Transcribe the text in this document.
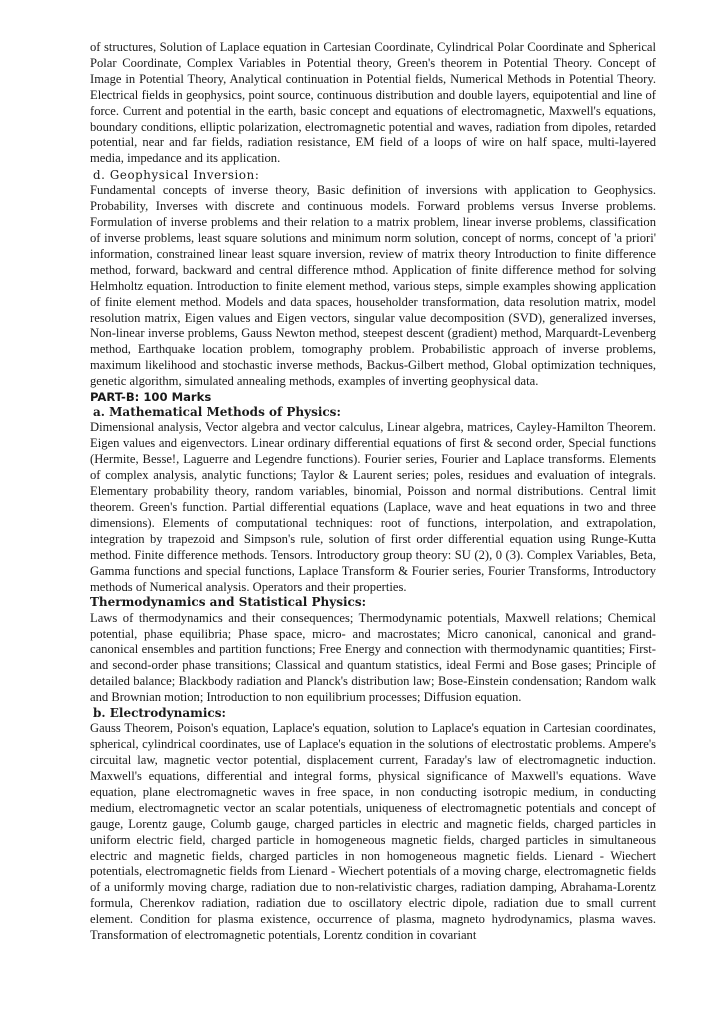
of structures, Solution of Laplace equation in Cartesian Coordinate, Cylindrical Polar Coordinate and Spherical Polar Coordinate, Complex Variables in Potential theory, Green's theorem in Potential Theory. Concept of Image in Potential Theory, Analytical continuation in Potential fields, Numerical Methods in Potential Theory. Electrical fields in geophysics, point source, continuous distribution and double layers, equipotential and line of force. Current and potential in the earth, basic concept and equations of electromagnetic, Maxwell's equations, boundary conditions, elliptic polarization, electromagnetic potential and waves, radiation from dipoles, retarded potential, near and far fields, radiation resistance, EM field of a loops of wire on half space, multi-layered media, impedance and its application.

d. Geophysical Inversion:

Fundamental concepts of inverse theory, Basic definition of inversions with application to Geophysics. Probability, Inverses with discrete and continuous models. Forward problems versus Inverse problems. Formulation of inverse problems and their relation to a matrix problem, linear inverse problems, classification of inverse problems, least square solutions and minimum norm solution, concept of norms, concept of 'a priori' information, constrained linear least square inversion, review of matrix theory Introduction to finite difference method, forward, backward and central difference mthod. Application of finite difference method for solving Helmholtz equation. Introduction to finite element method, various steps, simple examples showing application of finite element method. Models and data spaces, householder transformation, data resolution matrix, model resolution matrix, Eigen values and Eigen vectors, singular value decomposition (SVD), generalized inverses, Non-linear inverse problems, Gauss Newton method, steepest descent (gradient) method, Marquardt-Levenberg method, Earthquake location problem, tomography problem. Probabilistic approach of inverse problems, maximum likelihood and stochastic inverse methods, Backus-Gilbert method, Global optimization techniques, genetic algorithm, simulated annealing methods, examples of inverting geophysical data.

PART-B: 100 Marks
a. Mathematical Methods of Physics:

Dimensional analysis, Vector algebra and vector calculus, Linear algebra, matrices, Cayley-Hamilton Theorem. Eigen values and eigenvectors. Linear ordinary differential equations of first & second order, Special functions (Hermite, Besse!, Laguerre and Legendre functions). Fourier series, Fourier and Laplace transforms. Elements of complex analysis, analytic functions; Taylor & Laurent series; poles, residues and evaluation of integrals. Elementary probability theory, random variables, binomial, Poisson and normal distributions. Central limit theorem. Green's function. Partial differential equations (Laplace, wave and heat equations in two and three dimensions). Elements of computational techniques: root of functions, interpolation, and extrapolation, integration by trapezoid and Simpson's rule, solution of first order differential equation using Runge-Kutta method. Finite difference methods. Tensors. Introductory group theory: SU (2), 0 (3). Complex Variables, Beta, Gamma functions and special functions, Laplace Transform & Fourier series, Fourier Transforms, Introductory methods of Numerical analysis. Operators and their properties.

Thermodynamics and Statistical Physics:

Laws of thermodynamics and their consequences; Thermodynamic potentials, Maxwell relations; Chemical potential, phase equilibria; Phase space, micro- and macrostates; Micro canonical, canonical and grand-canonical ensembles and partition functions; Free Energy and connection with thermodynamic quantities; First-and second-order phase transitions; Classical and quantum statistics, ideal Fermi and Bose gases; Principle of detailed balance; Blackbody radiation and Planck's distribution law; Bose-Einstein condensation; Random walk and Brownian motion; Introduction to non equilibrium processes; Diffusion equation.

b. Electrodynamics:

Gauss Theorem, Poison's equation, Laplace's equation, solution to Laplace's equation in Cartesian coordinates, spherical, cylindrical coordinates, use of Laplace's equation in the solutions of electrostatic problems. Ampere's circuital law, magnetic vector potential, displacement current, Faraday's law of electromagnetic induction. Maxwell's equations, differential and integral forms, physical significance of Maxwell's equations. Wave equation, plane electromagnetic waves in free space, in non conducting isotropic medium, in conducting medium, electromagnetic vector an scalar potentials, uniqueness of electromagnetic potentials and concept of gauge, Lorentz gauge, Columb gauge, charged particles in electric and magnetic fields, charged particles in uniform electric field, charged particle in homogeneous magnetic fields, charged particles in simultaneous electric and magnetic fields, charged particles in non homogeneous magnetic fields. Lienard - Wiechert potentials, electromagnetic fields from Lienard - Wiechert potentials of a moving charge, electromagnetic fields of a uniformly moving charge, radiation due to non-relativistic charges, radiation damping, Abrahama-Lorentz formula, Cherenkov radiation, radiation due to oscillatory electric dipole, radiation due to small current element. Condition for plasma existence, occurrence of plasma, magneto hydrodynamics, plasma waves. Transformation of electromagnetic potentials, Lorentz condition in covariant
